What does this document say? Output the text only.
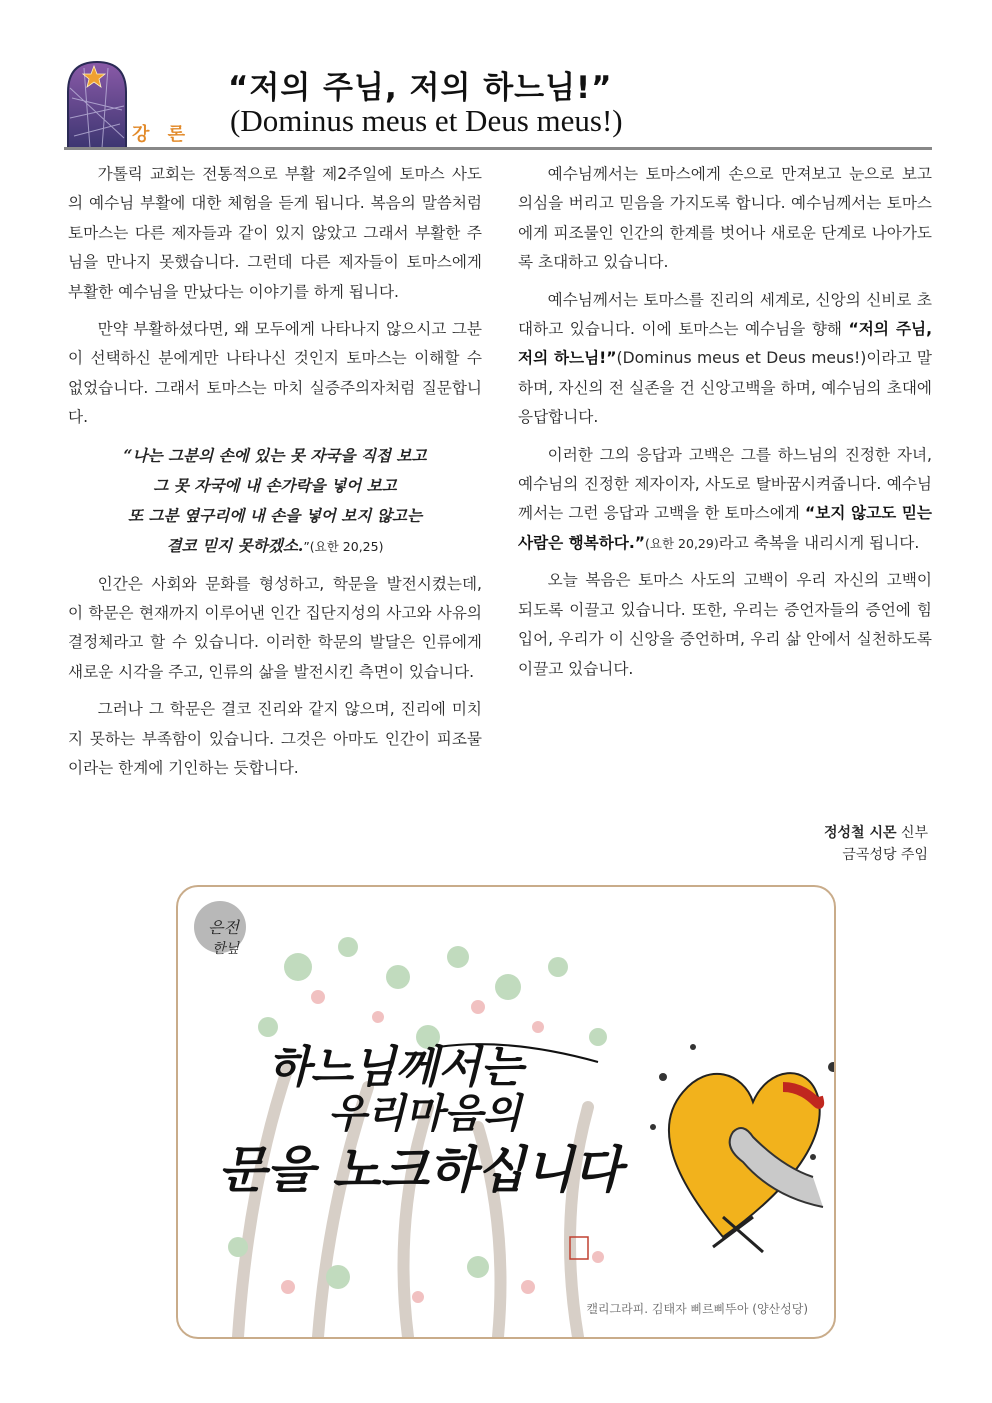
강 론
“저의 주님, 저의 하느님!”
(Dominus meus et Deus meus!)

가톨릭 교회는 전통적으로 부활 제2주일에 토마스 사도의 예수님 부활에 대한 체험을 듣게 됩니다. 복음의 말씀처럼 토마스는 다른 제자들과 같이 있지 않았고 그래서 부활한 주님을 만나지 못했습니다. 그런데 다른 제자들이 토마스에게 부활한 예수님을 만났다는 이야기를 하게 됩니다.

만약 부활하셨다면, 왜 모두에게 나타나지 않으시고 그분이 선택하신 분에게만 나타나신 것인지 토마스는 이해할 수 없었습니다. 그래서 토마스는 마치 실증주의자처럼 질문합니다.

“나는 그분의 손에 있는 못 자국을 직접 보고
그 못 자국에 내 손가락을 넣어 보고
또 그분 옆구리에 내 손을 넣어 보지 않고는
결코 믿지 못하겠소.”(요한 20,25)

인간은 사회와 문화를 형성하고, 학문을 발전시켰는데, 이 학문은 현재까지 이루어낸 인간 집단지성의 사고와 사유의 결정체라고 할 수 있습니다. 이러한 학문의 발달은 인류에게 새로운 시각을 주고, 인류의 삶을 발전시킨 측면이 있습니다.

그러나 그 학문은 결코 진리와 같지 않으며, 진리에 미치지 못하는 부족함이 있습니다. 그것은 아마도 인간이 피조물이라는 한계에 기인하는 듯합니다.

예수님께서는 토마스에게 손으로 만져보고 눈으로 보고 의심을 버리고 믿음을 가지도록 합니다. 예수님께서는 토마스에게 피조물인 인간의 한계를 벗어나 새로운 단계로 나아가도록 초대하고 있습니다.

예수님께서는 토마스를 진리의 세계로, 신앙의 신비로 초대하고 있습니다. 이에 토마스는 예수님을 향해 “저의 주님, 저의 하느님!”(Dominus meus et Deus meus!)이라고 말하며, 자신의 전 실존을 건 신앙고백을 하며, 예수님의 초대에 응답합니다.

이러한 그의 응답과 고백은 그를 하느님의 진정한 자녀, 예수님의 진정한 제자이자, 사도로 탈바꿈시켜줍니다. 예수님께서는 그런 응답과 고백을 한 토마스에게 “보지 않고도 믿는 사람은 행복하다.”(요한 20,29)라고 축복을 내리시게 됩니다.

오늘 복음은 토마스 사도의 고백이 우리 자신의 고백이 되도록 이끌고 있습니다. 또한, 우리는 증언자들의 증언에 힘입어, 우리가 이 신앙을 증언하며, 우리 삶 안에서 실천하도록 이끌고 있습니다.

정성철 시몬 신부
금곡성당 주임
은전
한닢
하느님께서는
우리마음의
문을 노크하십니다
캘리그라피. 김태자 삐르삐뚜아 (양산성당)
